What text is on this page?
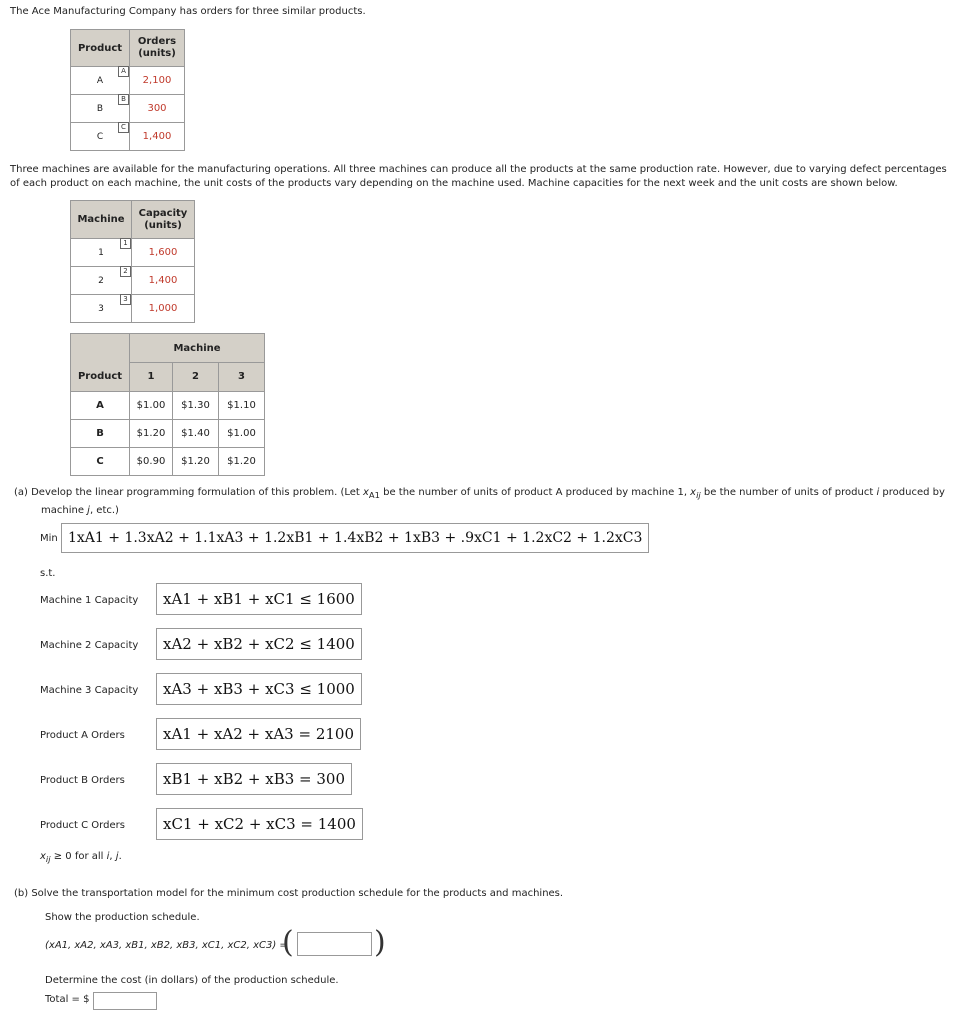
The Ace Manufacturing Company has orders for three similar products.
Product	Orders
(units)
A
A	2,100
B
B	300
C
C	1,400
Three machines are available for the manufacturing operations. All three machines can produce all the products at the same production rate. However, due to varying defect percentages of each product on each machine, the unit costs of the products vary depending on the machine used. Machine capacities for the next week and the unit costs are shown below.
Machine	Capacity
(units)
1
1	1,600
2
2	1,400
3
3	1,000
	Machine		
Product	1	2	3
A	$1.00	$1.30	$1.10
B	$1.20	$1.40	$1.00
C	$0.90	$1.20	$1.20
(a) Develop the linear programming formulation of this problem. (Let $x_{A1}$ be the number of units of product A produced by machine 1, $x_{ij}$ be the number of units of product i produced by
machine j, etc.)
Min 1xA1 + 1.3xA2 + 1.1xA3 + 1.2xB1 + 1.4xB2 + 1xB3 + .9xC1 + 1.2xC2 + 1.2xC3
s.t.
Machine 1 Capacity	xA1 + xB1 + xC1 ≤ 1600
Machine 2 Capacity	xA2 + xB2 + xC2 ≤ 1400
Machine 3 Capacity	xA3 + xB3 + xC3 ≤ 1000
Product A Orders	xA1 + xA2 + xA3 = 2100
Product B Orders	xB1 + xB2 + xB3 = 300
Product C Orders	xC1 + xC2 + xC3 = 1400
$x_{ij} \ge 0$ for all i, j.
(b) Solve the transportation model for the minimum cost production schedule for the products and machines.
Show the production schedule.
(xA1, xA2, xA3, xB1, xB2, xB3, xC1, xC2, xC3) =
(	)
Determine the cost (in dollars) of the production schedule.
Total = $
